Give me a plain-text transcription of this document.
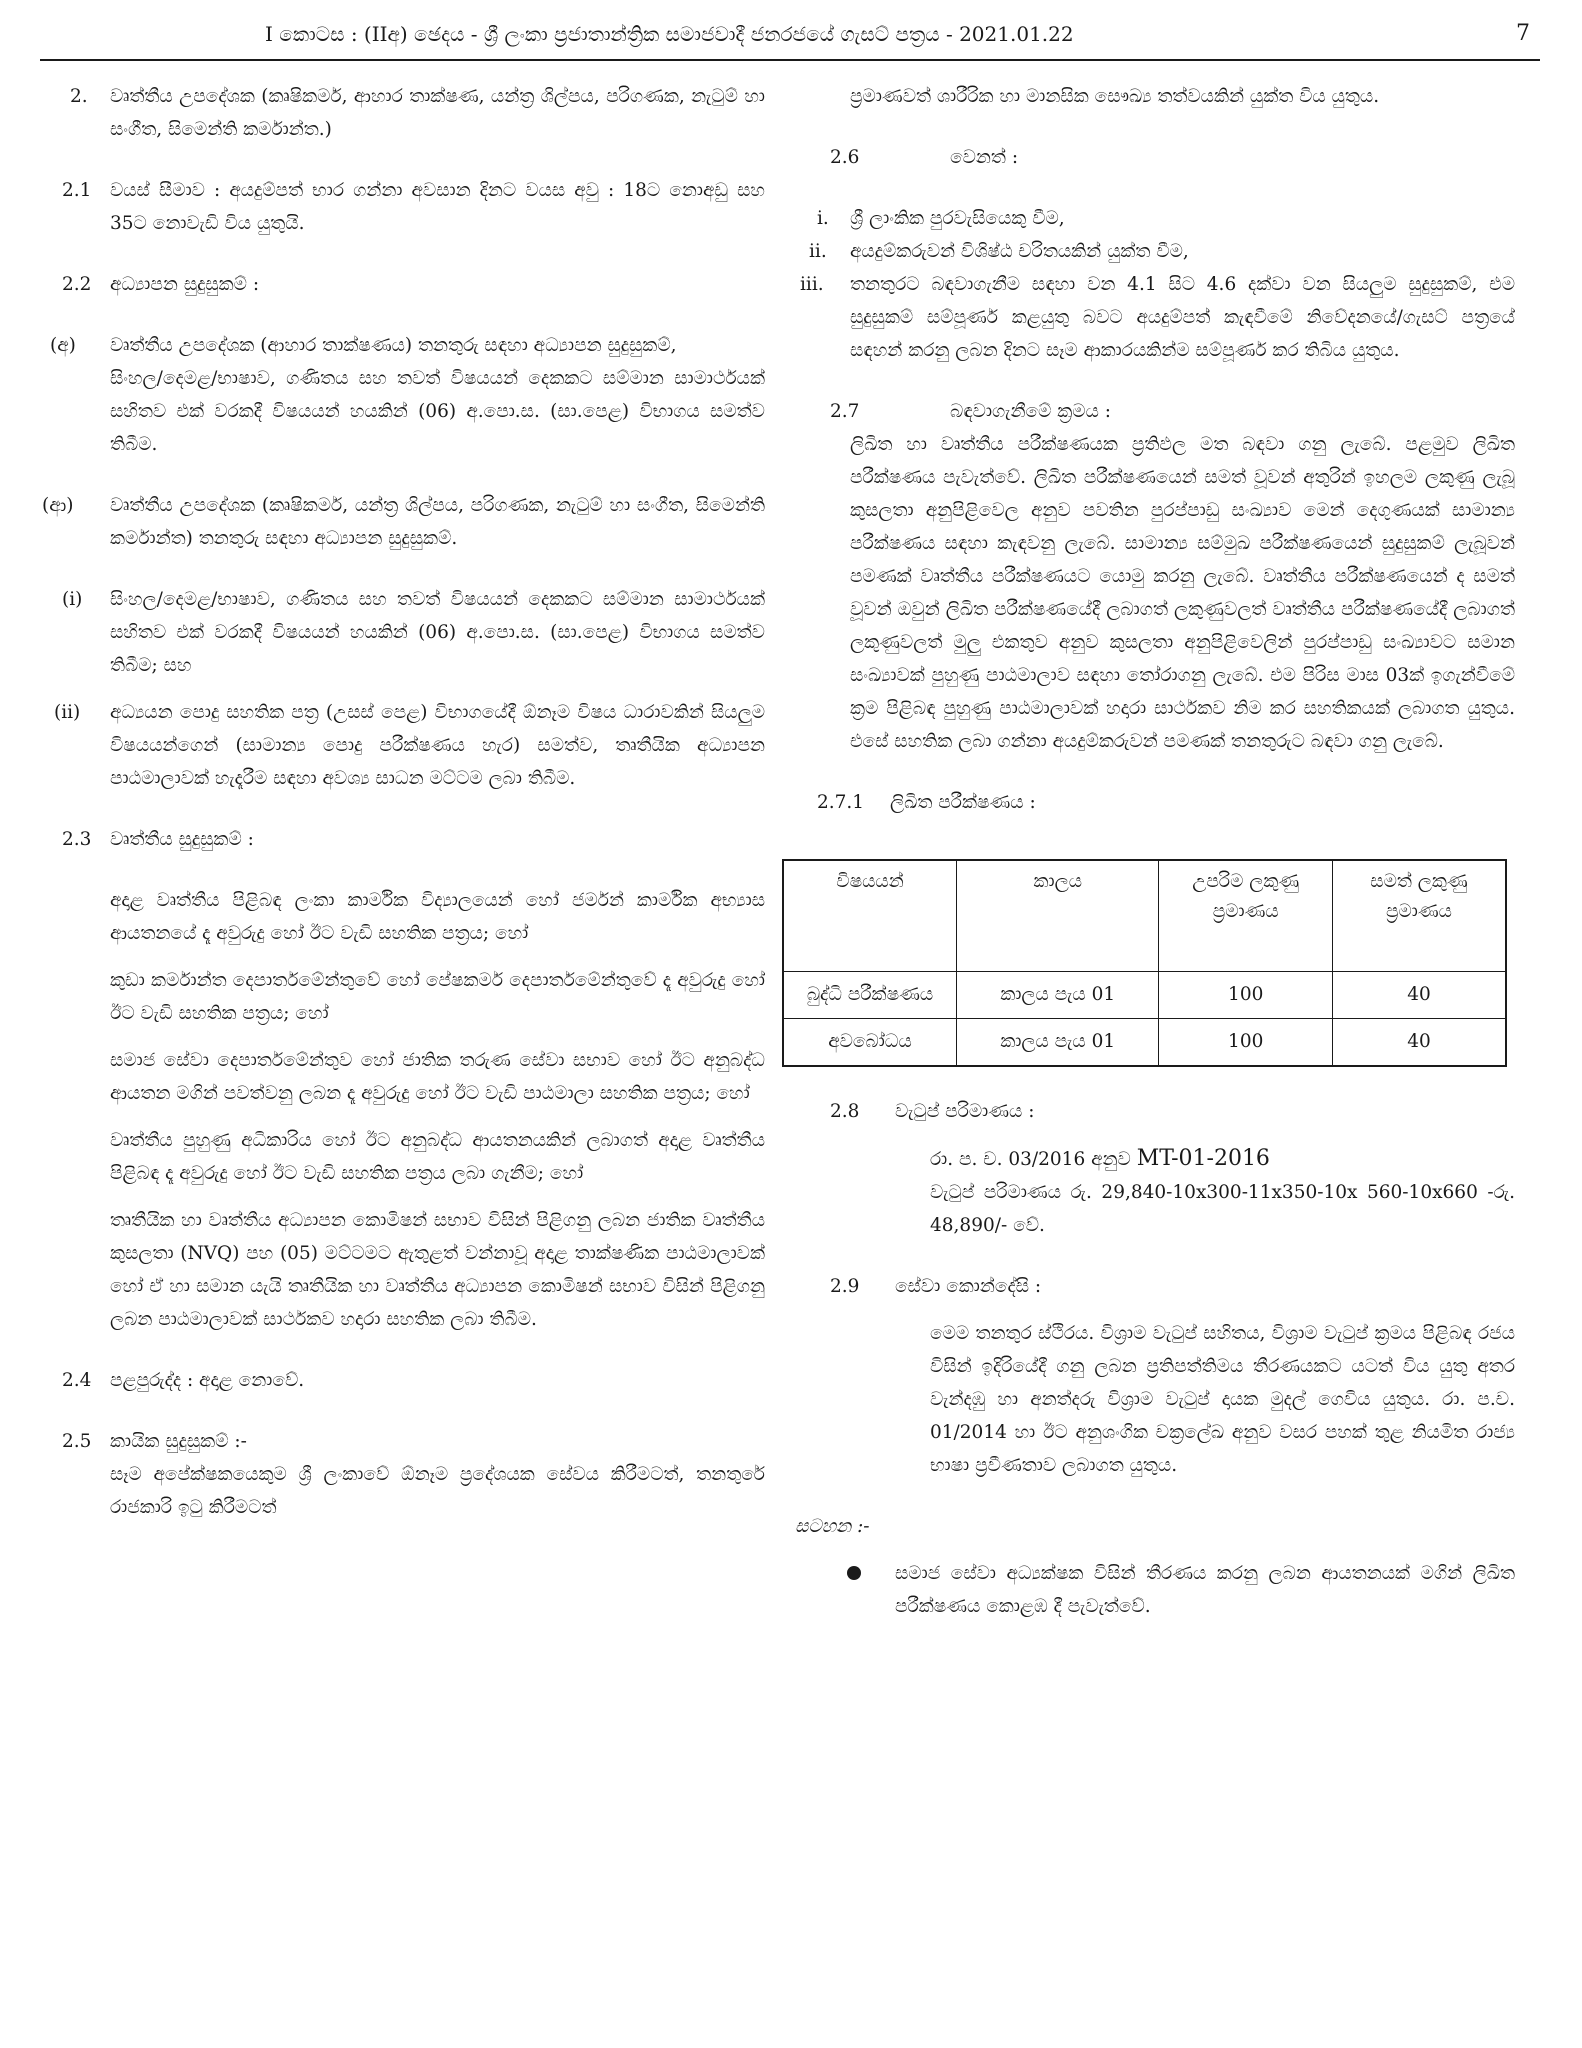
I කොටස : (IIඅ) ඡෙදය - ශ්‍රී ලංකා ප්‍රජාතාන්ත්‍රික සමාජවාදී ජනරජයේ ගැසට් පත්‍රය - 2021.01.22	7
2. වෘත්තීය උපදේශක (කෘෂිකර්ම, ආහාර තාක්ෂණ, යන්ත්‍ර ශිල්පය, පරිගණක, නැටුම් හා සංගීත, සිමෙන්ති කර්මාන්ත.)
2.1 වයස් සීමාව : අයදුම්පත් භාර ගන්නා අවසාන දිනට වයස අවු : 18ට නොඅඩු සහ 35ට නොවැඩි විය යුතුයි.
2.2 අධ්‍යාපන සුදුසුකම් :
(අ) වෘත්තීය උපදේශක (ආහාර තාක්ෂණය) තනතුරු සඳහා අධ්‍යාපන සුදුසුකම්,
සිංහල/දෙමළ/භාෂාව, ගණිතය සහ තවත් විෂයයන් දෙකකට සම්මාන සාමාර්ථයක් සහිතව එක් වරකදී විෂයයන් හයකින් (06) අ.පො.ස. (සා.පෙළ) විභාගය සමත්ව තිබීම.
(ආ) වෘත්තීය උපදේශක (කෘෂිකර්ම, යන්ත්‍ර ශිල්පය, පරිගණක, නැටුම් හා සංගීත, සිමෙන්ති කර්මාන්ත) තනතුරු සඳහා අධ්‍යාපන සුදුසුකම්.
(i) සිංහල/දෙමළ/භාෂාව, ගණිතය සහ තවත් විෂයයන් දෙකකට සම්මාන සාමාර්ථයක් සහිතව එක් වරකදී විෂයයන් හයකින් (06) අ.පො.ස. (සා.පෙළ) විභාගය සමත්ව තිබීම; සහ
(ii) අධ්‍යයන පොදු සහතික පත්‍ර (උසස් පෙළ) විභාගයේදී ඕනෑම විෂය ධාරාවකින් සියලුම විෂයයන්ගෙන් (සාමාන්‍ය පොදු පරීක්ෂණය හැර) සමත්ව, තෘතීයික අධ්‍යාපන පාඨමාලාවක් හැදෑරීම සඳහා අවශ්‍ය සාධන මට්ටම ලබා තිබීම.
2.3 වෘත්තීය සුදුසුකම් :
අදාළ වෘත්තීය පිළිබඳ ලංකා කාර්මික විද්‍යාලයෙන් හෝ ජර්මන් කාර්මික අභ්‍යාස ආයතනයේ දෑ අවුරුදු හෝ ඊට වැඩි සහතික පත්‍රය; හෝ
කුඩා කර්මාන්ත දෙපාර්තමේන්තුවේ හෝ පේෂකර්ම දෙපාර්තමේන්තුවේ දෑ අවුරුදු හෝ ඊට වැඩි සහතික පත්‍රය; හෝ
සමාජ සේවා දෙපාර්තමේන්තුව හෝ ජාතික තරුණ සේවා සභාව හෝ ඊට අනුබද්ධ ආයතන මගින් පවත්වනු ලබන දෑ අවුරුදු හෝ ඊට වැඩි පාඨමාලා සහතික පත්‍රය; හෝ
වෘත්තීය පුහුණු අධිකාරිය හෝ ඊට අනුබද්ධ ආයතනයකින් ලබාගත් අදාළ වෘත්තීය පිළිබඳ දෑ අවුරුදු හෝ ඊට වැඩි සහතික පත්‍රය ලබා ගැනීම; හෝ
තෘතීයික හා වෘත්තීය අධ්‍යාපන කොමිෂන් සභාව විසින් පිළිගනු ලබන ජාතික වෘත්තීය කුසලතා (NVQ) පහ (05) මට්ටමට ඇතුළත් වන්නාවූ අදාළ තාක්ෂණික පාඨමාලාවක් හෝ ඒ හා සමාන යැයි තෘතීයික හා වෘත්තීය අධ්‍යාපන කොමිෂන් සභාව විසින් පිළිගනු ලබන පාඨමාලාවක් සාර්ථකව හදාරා සහතික ලබා තිබීම.
2.4 පළපුරුද්ද : අදාළ නොවේ.
2.5 කායික සුදුසුකම් :-
සෑම අපේක්ෂකයෙකුම ශ්‍රී ලංකාවේ ඕනෑම ප්‍රදේශයක සේවය කිරීමටත්, තනතුරේ රාජකාරි ඉටු කිරීමටත්
ප්‍රමාණවත් ශාරීරික හා මානසික සෞඛ්‍ය තත්වයකින් යුක්ත විය යුතුය.
2.6	වෙනත් :
i. ශ්‍රී ලාංකික පුරවැසියෙකු වීම,
ii. අයදුම්කරුවන් විශිෂ්ඨ චරිතයකින් යුක්ත වීම,
iii. තනතුරට බඳවාගැනීම සඳහා වන 4.1 සිට 4.6 දක්වා වන සියලුම සුදුසුකම්, එම සුදුසුකම් සම්පූර්ණ කළයුතු බවට අයදුම්පත් කැඳවීමේ නිවේදනයේ/ගැසට් පත්‍රයේ සඳහන් කරනු ලබන දිනට සෑම ආකාරයකින්ම සම්පූර්ණ කර තිබිය යුතුය.
2.7	බඳවාගැනීමේ ක්‍රමය :
ලිඛිත හා වෘත්තීය පරීක්ෂණයක ප්‍රතිඵල මත බඳවා ගනු ලැබේ. පළමුව ලිඛිත පරීක්ෂණය පැවැත්වේ. ලිඛිත පරීක්ෂණයෙන් සමත් වූවන් අතුරින් ඉහලම ලකුණු ලැබූ කුසලතා අනුපිළිවෙල අනුව පවතින පුරප්පාඩු සංඛ්‍යාව මෙන් දෙගුණයක් සාමාන්‍ය පරීක්ෂණය සඳහා කැඳවනු ලැබේ. සාමාන්‍ය සම්මුඛ පරීක්ෂණයෙන් සුදුසුකම් ලැබූවන් පමණක් වෘත්තීය පරීක්ෂණයට යොමු කරනු ලැබේ. වෘත්තීය පරීක්ෂණයෙන් ද සමත් වූවන් ඔවුන් ලිඛිත පරීක්ෂණයේදී ලබාගත් ලකුණුවලත් වෘත්තීය පරීක්ෂණයේදී ලබාගත් ලකුණුවලත් මුලු එකතුව අනුව කුසලතා අනුපිළිවෙලින් පුරප්පාඩු සංඛ්‍යාවට සමාන සංඛ්‍යාවක් පුහුණු පාඨමාලාව සඳහා තෝරාගනු ලැබේ. එම පිරිස මාස 03ක් ඉගැන්වීමේ ක්‍රම පිළිබඳ පුහුණු පාඨමාලාවක් හදාරා සාර්ථකව නිම කර සහතිකයක් ලබාගත යුතුය. එසේ සහතික ලබා ගන්නා අයදුම්කරුවන් පමණක් තනතුරුට බඳවා ගනු ලැබේ.
2.7.1	ලිඛිත පරීක්ෂණය :
විෂයයන්	කාලය	උපරිම ලකුණු ප්‍රමාණය	සමත් ලකුණු ප්‍රමාණය
බුද්ධි පරීක්ෂණය	කාලය පැය 01	100	40
අවබෝධය	කාලය පැය 01	100	40
2.8 වැටුප් පරිමාණය :
රා. ප. ච. 03/2016 අනුව MT-01-2016
වැටුප් පරිමාණය රු. 29,840-10x300-11x350-10x 560-10x660 -රු. 48,890/- වේ.
2.9 සේවා කොන්දේසි :
මෙම තනතුර ස්ථිරය. විශ්‍රාම වැටුප් සහිතය, විශ්‍රාම වැටුප් ක්‍රමය පිළිබඳ රජය විසින් ඉදිරියේදී ගනු ලබන ප්‍රතිපත්තිමය තීරණයකට යටත් විය යුතු අතර වැන්දඹු හා අනත්දරු විශ්‍රාම වැටුප් දායක මුදල් ගෙවිය යුතුය. රා. ප.ච. 01/2014 හා ඊට අනුශංගික චක්‍රලේඛ අනුව වසර පහක් තුළ නියමිත රාජ්‍ය භාෂා ප්‍රවීණතාව ලබාගත යුතුය.
සටහන :-
සමාජ සේවා අධ්‍යක්ෂක විසින් තීරණය කරනු ලබන ආයතනයක් මගින් ලිඛිත පරීක්ෂණය කොළඹ දී පැවැත්වේ.
